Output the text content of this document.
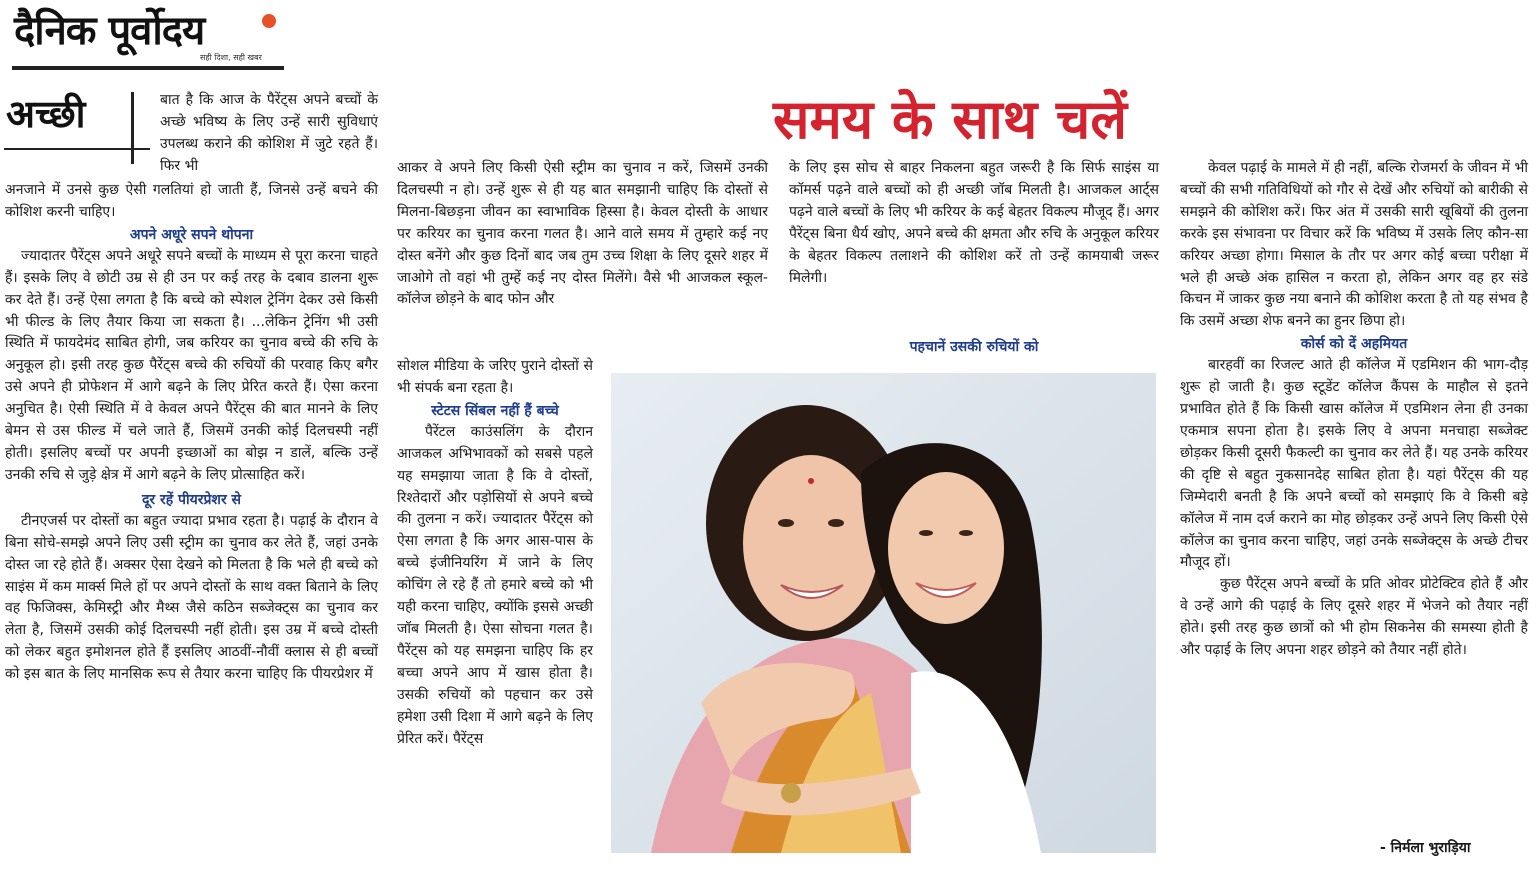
दैनिक पूर्वोदय
सही दिशा, सही खबर
समय के साथ चलें
अच्छी	बात है कि आज के पैरेंट्स अपने बच्चों के अच्छे भविष्य के लिए उन्हें सारी सुविधाएं उपलब्ध कराने की कोशिश में जुटे रहते हैं। फिर भी

अनजाने में उनसे कुछ ऐसी गलतियां हो जाती हैं, जिनसे उन्हें बचने की कोशिश करनी चाहिए।

अपने अधूरे सपने थोपना

ज्यादातर पैरेंट्स अपने अधूरे सपने बच्चों के माध्यम से पूरा करना चाहते हैं। इसके लिए वे छोटी उम्र से ही उन पर कई तरह के दबाव डालना शुरू कर देते हैं। उन्हें ऐसा लगता है कि बच्चे को स्पेशल ट्रेनिंग देकर उसे किसी भी फील्ड के लिए तैयार किया जा सकता है। ...लेकिन ट्रेनिंग भी उसी स्थिति में फायदेमंद साबित होगी, जब करियर का चुनाव बच्चे की रुचि के अनुकूल हो। इसी तरह कुछ पैरेंट्स बच्चे की रुचियों की परवाह किए बगैर उसे अपने ही प्रोफेशन में आगे बढ़ने के लिए प्रेरित करते हैं। ऐसा करना अनुचित है। ऐसी स्थिति में वे केवल अपने पैरेंट्स की बात मानने के लिए बेमन से उस फील्ड में चले जाते हैं, जिसमें उनकी कोई दिलचस्पी नहीं होती। इसलिए बच्चों पर अपनी इच्छाओं का बोझ न डालें, बल्कि उन्हें उनकी रुचि से जुड़े क्षेत्र में आगे बढ़ने के लिए प्रोत्साहित करें।

दूर रहें पीयरप्रेशर से

टीनएजर्स पर दोस्तों का बहुत ज्यादा प्रभाव रहता है। पढ़ाई के दौरान वे बिना सोचे-समझे अपने लिए उसी स्ट्रीम का चुनाव कर लेते हैं, जहां उनके दोस्त जा रहे होते हैं। अक्सर ऐसा देखने को मिलता है कि भले ही बच्चे को साइंस में कम मार्क्स मिले हों पर अपने दोस्तों के साथ वक्त बिताने के लिए वह फिजिक्स, केमिस्ट्री और मैथ्स जैसे कठिन सब्जेक्ट्स का चुनाव कर लेता है, जिसमें उसकी कोई दिलचस्पी नहीं होती। इस उम्र में बच्चे दोस्ती को लेकर बहुत इमोशनल होते हैं इसलिए आठवीं-नौवीं क्लास से ही बच्चों को इस बात के लिए मानसिक रूप से तैयार करना चाहिए कि पीयरप्रेशर में

आकर वे अपने लिए किसी ऐसी स्ट्रीम का चुनाव न करें, जिसमें उनकी दिलचस्पी न हो। उन्हें शुरू से ही यह बात समझानी चाहिए कि दोस्तों से मिलना-बिछड़ना जीवन का स्वाभाविक हिस्सा है। केवल दोस्ती के आधार पर करियर का चुनाव करना गलत है। आने वाले समय में तुम्हारे कई नए दोस्त बनेंगे और कुछ दिनों बाद जब तुम उच्च शिक्षा के लिए दूसरे शहर में जाओगे तो वहां भी तुम्हें कई नए दोस्त मिलेंगे। वैसे भी आजकल स्कूल-कॉलेज छोड़ने के बाद फोन और

सोशल मीडिया के जरिए पुराने दोस्तों से भी संपर्क बना रहता है।

स्टेटस सिंबल नहीं हैं बच्चे

पैरेंटल काउंसलिंग के दौरान आजकल अभिभावकों को सबसे पहले यह समझाया जाता है कि वे दोस्तों, रिश्तेदारों और पड़ोसियों से अपने बच्चे की तुलना न करें। ज्यादातर पैरेंट्स को ऐसा लगता है कि अगर आस-पास के बच्चे इंजीनियरिंग में जाने के लिए कोचिंग ले रहे हैं तो हमारे बच्चे को भी यही करना चाहिए, क्योंकि इससे अच्छी जॉब मिलती है। ऐसा सोचना गलत है। पैरेंट्स को यह समझना चाहिए कि हर बच्चा अपने आप में खास होता है। उसकी रुचियों को पहचान कर उसे हमेशा उसी दिशा में आगे बढ़ने के लिए प्रेरित करें। पैरेंट्स

के लिए इस सोच से बाहर निकलना बहुत जरूरी है कि सिर्फ साइंस या कॉमर्स पढ़ने वाले बच्चों को ही अच्छी जॉब मिलती है। आजकल आर्ट्स पढ़ने वाले बच्चों के लिए भी करियर के कई बेहतर विकल्प मौजूद हैं। अगर पैरेंट्स बिना धैर्य खोए, अपने बच्चे की क्षमता और रुचि के अनुकूल करियर के बेहतर विकल्प तलाशने की कोशिश करें तो उन्हें कामयाबी जरूर मिलेगी।

पहचानें उसकी रुचियों को

केवल पढ़ाई के मामले में ही नहीं, बल्कि रोजमर्रा के जीवन में भी बच्चों की सभी गतिविधियों को गौर से देखें और रुचियों को बारीकी से समझने की कोशिश करें। फिर अंत में उसकी सारी खूबियों की तुलना करके इस संभावना पर विचार करें कि भविष्य में उसके लिए कौन-सा करियर अच्छा होगा। मिसाल के तौर पर अगर कोई बच्चा परीक्षा में भले ही अच्छे अंक हासिल न करता हो, लेकिन अगर वह हर संडे किचन में जाकर कुछ नया बनाने की कोशिश करता है तो यह संभव है कि उसमें अच्छा शेफ बनने का हुनर छिपा हो।

कोर्स को दें अहमियत

बारहवीं का रिजल्ट आते ही कॉलेज में एडमिशन की भाग-दौड़ शुरू हो जाती है। कुछ स्टूडेंट कॉलेज कैंपस के माहौल से इतने प्रभावित होते हैं कि किसी खास कॉलेज में एडमिशन लेना ही उनका एकमात्र सपना होता है। इसके लिए वे अपना मनचाहा सब्जेक्ट छोड़कर किसी दूसरी फैकल्टी का चुनाव कर लेते हैं। यह उनके करियर की दृष्टि से बहुत नुकसानदेह साबित होता है। यहां पैरेंट्स की यह जिम्मेदारी बनती है कि अपने बच्चों को समझाएं कि वे किसी बड़े कॉलेज में नाम दर्ज कराने का मोह छोड़कर उन्हें अपने लिए किसी ऐसे कॉलेज का चुनाव करना चाहिए, जहां उनके सब्जेक्ट्स के अच्छे टीचर मौजूद हों।

कुछ पैरेंट्स अपने बच्चों के प्रति ओवर प्रोटेक्टिव होते हैं और वे उन्हें आगे की पढ़ाई के लिए दूसरे शहर में भेजने को तैयार नहीं होते। इसी तरह कुछ छात्रों को भी होम सिकनेस की समस्या होती है और पढ़ाई के लिए अपना शहर छोड़ने को तैयार नहीं होते।

- निर्मला भुराड़िया
